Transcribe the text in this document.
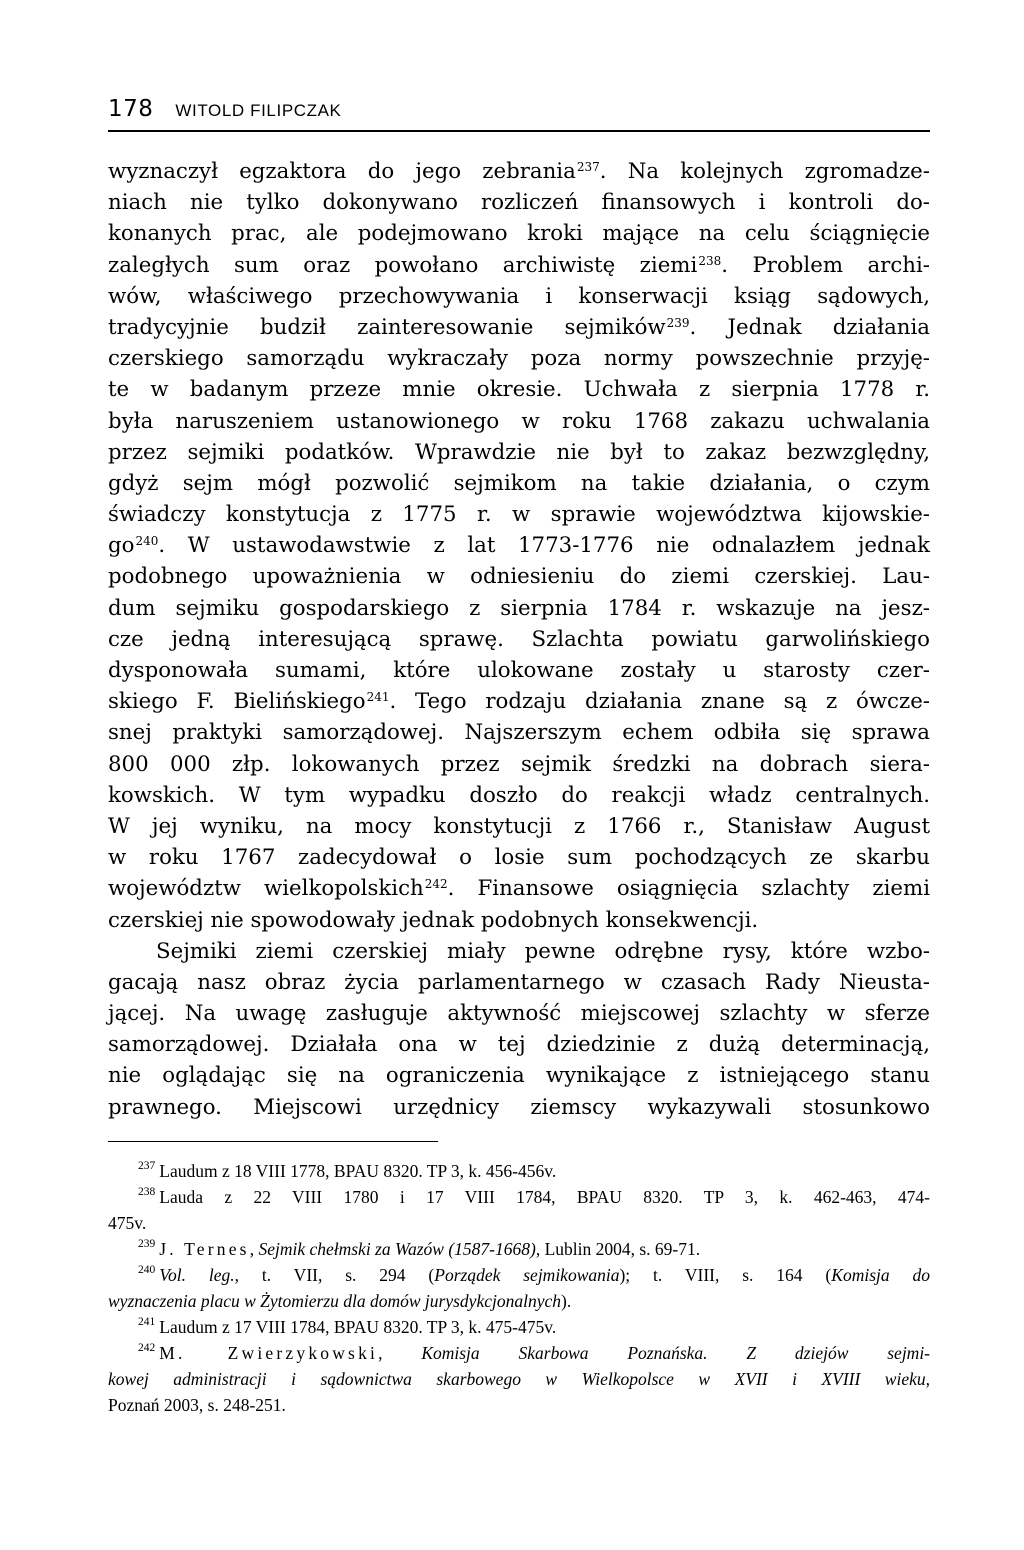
178 WITOLD FILIPCZAK
wyznaczył egzaktora do jego zebrania$^{237}$. Na kolejnych zgromadze-
niach nie tylko dokonywano rozliczeń finansowych i kontroli do-
konanych prac, ale podejmowano kroki mające na celu ściągnięcie
zaległych sum oraz powołano archiwistę ziemi$^{238}$. Problem archi-
wów, właściwego przechowywania i konserwacji ksiąg sądowych,
tradycyjnie budził zainteresowanie sejmików$^{239}$. Jednak działania
czerskiego samorządu wykraczały poza normy powszechnie przyję-
te w badanym przeze mnie okresie. Uchwała z sierpnia 1778 r.
była naruszeniem ustanowionego w roku 1768 zakazu uchwalania
przez sejmiki podatków. Wprawdzie nie był to zakaz bezwzględny,
gdyż sejm mógł pozwolić sejmikom na takie działania, o czym
świadczy konstytucja z 1775 r. w sprawie województwa kijowskie-
go$^{240}$. W ustawodawstwie z lat 1773-1776 nie odnalazłem jednak
podobnego upoważnienia w odniesieniu do ziemi czerskiej. Lau-
dum sejmiku gospodarskiego z sierpnia 1784 r. wskazuje na jesz-
cze jedną interesującą sprawę. Szlachta powiatu garwolińskiego
dysponowała sumami, które ulokowane zostały u starosty czer-
skiego F. Bielińskiego$^{241}$. Tego rodzaju działania znane są z ówcze-
snej praktyki samorządowej. Najszerszym echem odbiła się sprawa
800 000 złp. lokowanych przez sejmik średzki na dobrach siera-
kowskich. W tym wypadku doszło do reakcji władz centralnych.
W jej wyniku, na mocy konstytucji z 1766 r., Stanisław August
w roku 1767 zadecydował o losie sum pochodzących ze skarbu
województw wielkopolskich$^{242}$. Finansowe osiągnięcia szlachty ziemi
czerskiej nie spowodowały jednak podobnych konsekwencji.
Sejmiki ziemi czerskiej miały pewne odrębne rysy, które wzbo-
gacają nasz obraz życia parlamentarnego w czasach Rady Nieusta-
jącej. Na uwagę zasługuje aktywność miejscowej szlachty w sferze
samorządowej. Działała ona w tej dziedzinie z dużą determinacją,
nie oglądając się na ograniczenia wynikające z istniejącego stanu
prawnego. Miejscowi urzędnicy ziemscy wykazywali stosunkowo
$^{237}$ Laudum z 18 VIII 1778, BPAU 8320. TP 3, k. 456-456v.
$^{238}$ Lauda z 22 VIII 1780 i 17 VIII 1784, BPAU 8320. TP 3, k. 462-463, 474-
475v.
$^{239}$ J. Ternes, Sejmik chełmski za Wazów (1587-1668), Lublin 2004, s. 69-71.
$^{240}$ Vol. leg., t. VII, s. 294 (Porządek sejmikowania); t. VIII, s. 164 (Komisja do
wyznaczenia placu w Żytomierzu dla domów jurysdykcjonalnych).
$^{241}$ Laudum z 17 VIII 1784, BPAU 8320. TP 3, k. 475-475v.
$^{242}$ M. Zwierzykowski, Komisja Skarbowa Poznańska. Z dziejów sejmi-
kowej administracji i sądownictwa skarbowego w Wielkopolsce w XVII i XVIII wieku,
Poznań 2003, s. 248-251.
